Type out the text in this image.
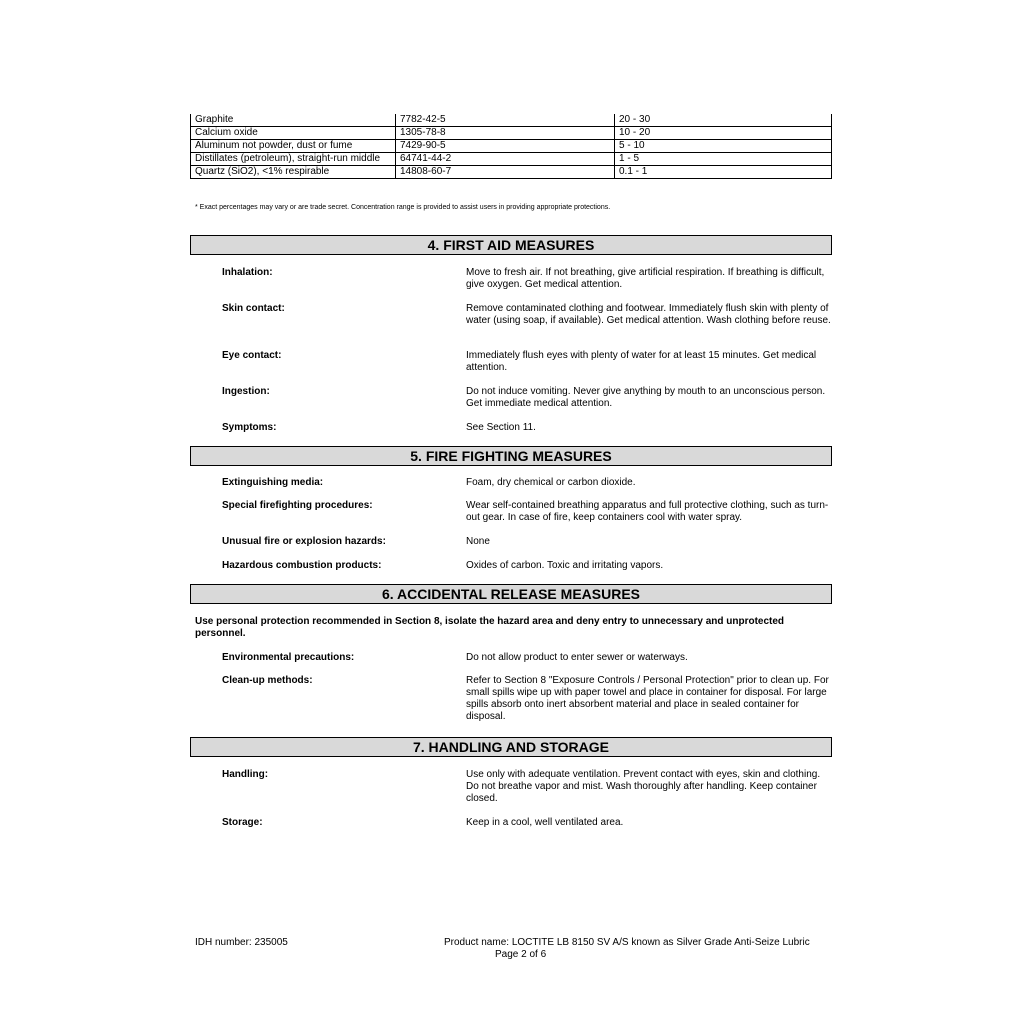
Graphite	7782-42-5	20 - 30
Calcium oxide	1305-78-8	10 - 20
Aluminum not powder, dust or fume	7429-90-5	5 - 10
Distillates (petroleum), straight-run middle	64741-44-2	1 - 5
Quartz (SiO2), <1% respirable	14808-60-7	0.1 - 1
* Exact percentages may vary or are trade secret. Concentration range is provided to assist users in providing appropriate protections.
4. FIRST AID MEASURES
Inhalation:	Move to fresh air. If not breathing, give artificial respiration. If breathing is difficult, give oxygen. Get medical attention.
Skin contact:	Remove contaminated clothing and footwear. Immediately flush skin with plenty of water (using soap, if available). Get medical attention. Wash clothing before reuse.
Eye contact:	Immediately flush eyes with plenty of water for at least 15 minutes. Get medical attention.
Ingestion:	Do not induce vomiting. Never give anything by mouth to an unconscious person. Get immediate medical attention.
Symptoms:	See Section 11.
5. FIRE FIGHTING MEASURES
Extinguishing media:	Foam, dry chemical or carbon dioxide.
Special firefighting procedures:	Wear self-contained breathing apparatus and full protective clothing, such as turn-out gear. In case of fire, keep containers cool with water spray.
Unusual fire or explosion hazards:	None
Hazardous combustion products:	Oxides of carbon. Toxic and irritating vapors.
6. ACCIDENTAL RELEASE MEASURES
Use personal protection recommended in Section 8, isolate the hazard area and deny entry to unnecessary and unprotected personnel.
Environmental precautions:	Do not allow product to enter sewer or waterways.
Clean-up methods:	Refer to Section 8 "Exposure Controls / Personal Protection" prior to clean up. For small spills wipe up with paper towel and place in container for disposal. For large spills absorb onto inert absorbent material and place in sealed container for disposal.
7. HANDLING AND STORAGE
Handling:	Use only with adequate ventilation. Prevent contact with eyes, skin and clothing. Do not breathe vapor and mist. Wash thoroughly after handling. Keep container closed.
Storage:	Keep in a cool, well ventilated area.
IDH number: 235005	Product name: LOCTITE LB 8150 SV A/S known as Silver Grade Anti-Seize Lubric
Page 2 of 6
